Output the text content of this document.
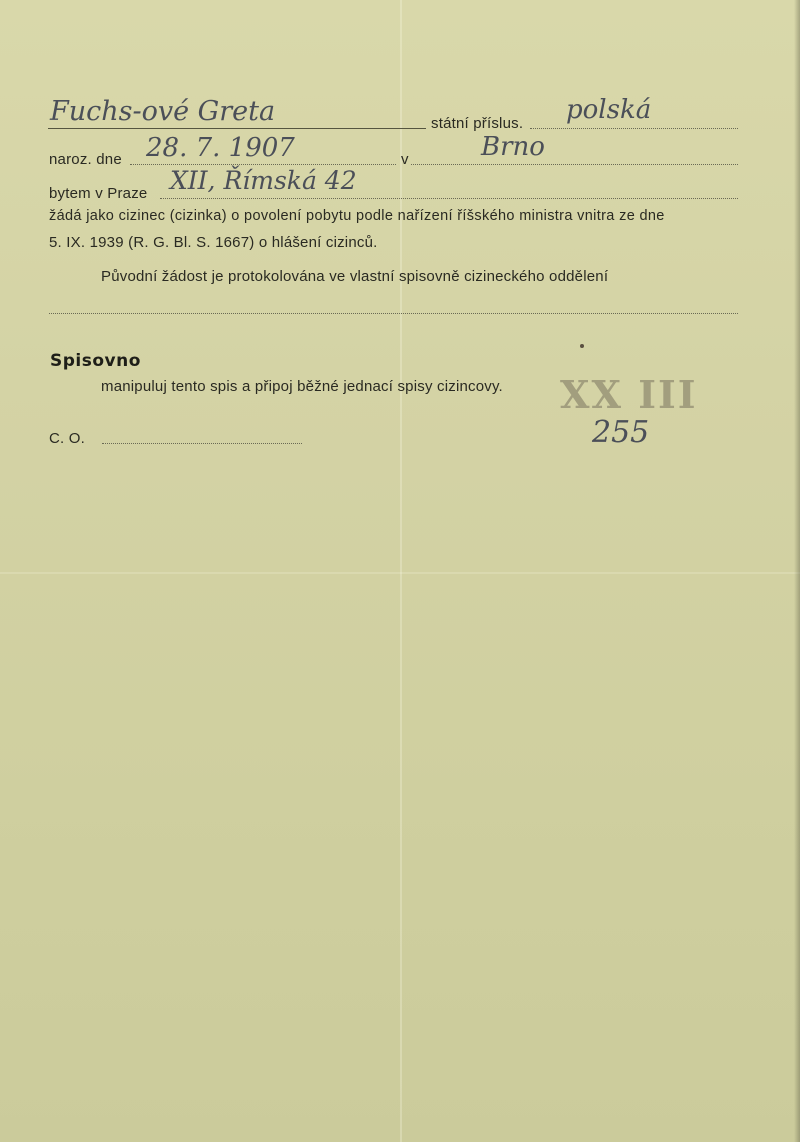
Fuchs-ové Greta	státní příslus. polská
naroz. dne 28. 7. 1907	v	Brno
bytem v Praze XII, Římská 42
žádá jako cizinec (cizinka) o povolení pobytu podle nařízení říšského ministra vnitra ze dne
5. IX. 1939 (R. G. Bl. S. 1667) o hlášení cizinců.
Původní žádost je protokolována ve vlastní spisovně cizineckého oddělení
Spisovno
manipuluj tento spis a připoj běžné jednací spisy cizincovy. XX III
C. O.	255
